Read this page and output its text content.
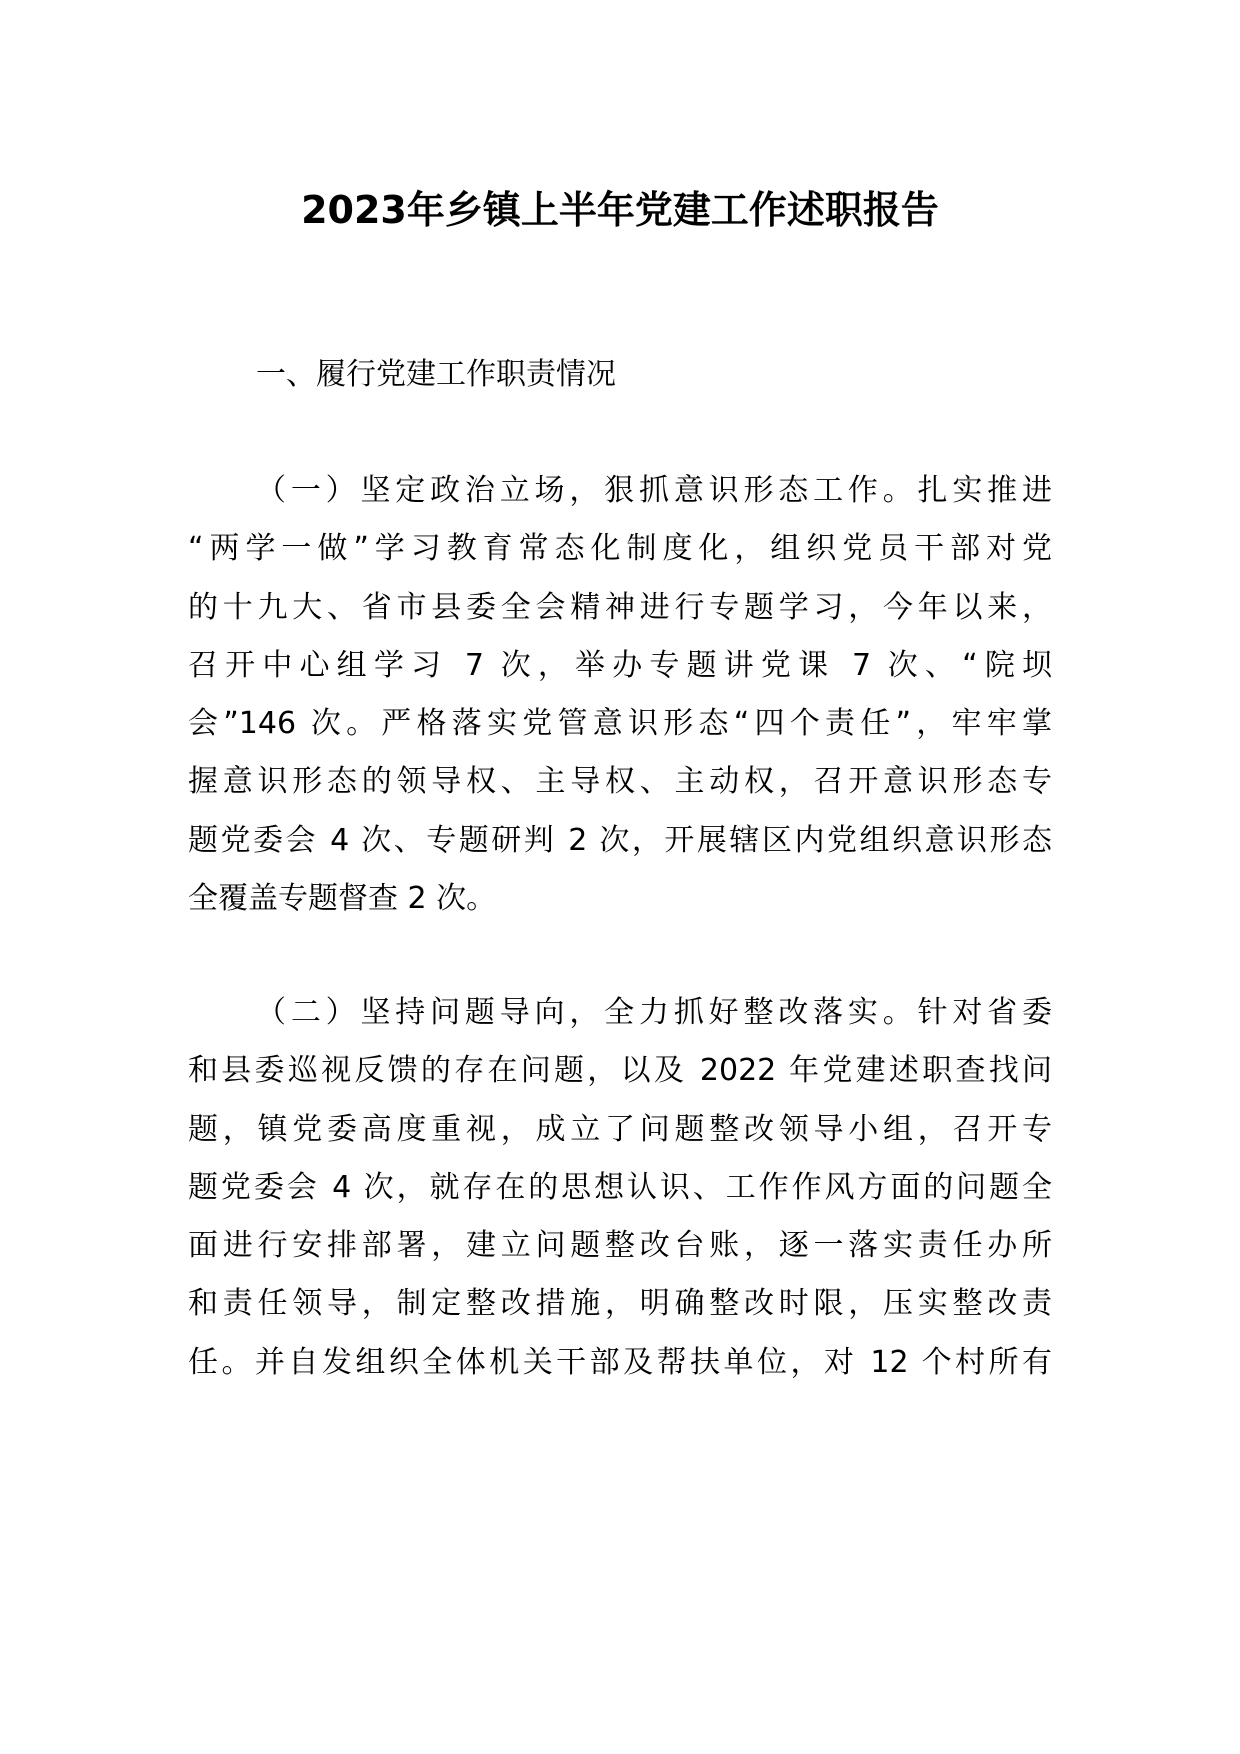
2023年乡镇上半年党建工作述职报告
一、履行党建工作职责情况
（一）坚定政治立场，狠抓意识形态工作。扎实推进
“两学一做”学习教育常态化制度化，组织党员干部对党
的十九大、省市县委全会精神进行专题学习，今年以来，
召开中心组学习 7 次，举办专题讲党课 7 次、“院坝
会”146 次。严格落实党管意识形态“四个责任”，牢牢掌
握意识形态的领导权、主导权、主动权，召开意识形态专
题党委会 4 次、专题研判 2 次，开展辖区内党组织意识形态
全覆盖专题督查 2 次。
（二）坚持问题导向，全力抓好整改落实。针对省委
和县委巡视反馈的存在问题，以及 2022 年党建述职查找问
题，镇党委高度重视，成立了问题整改领导小组，召开专
题党委会 4 次，就存在的思想认识、工作作风方面的问题全
面进行安排部署，建立问题整改台账，逐一落实责任办所
和责任领导，制定整改措施，明确整改时限，压实整改责
任。并自发组织全体机关干部及帮扶单位，对 12 个村所有
